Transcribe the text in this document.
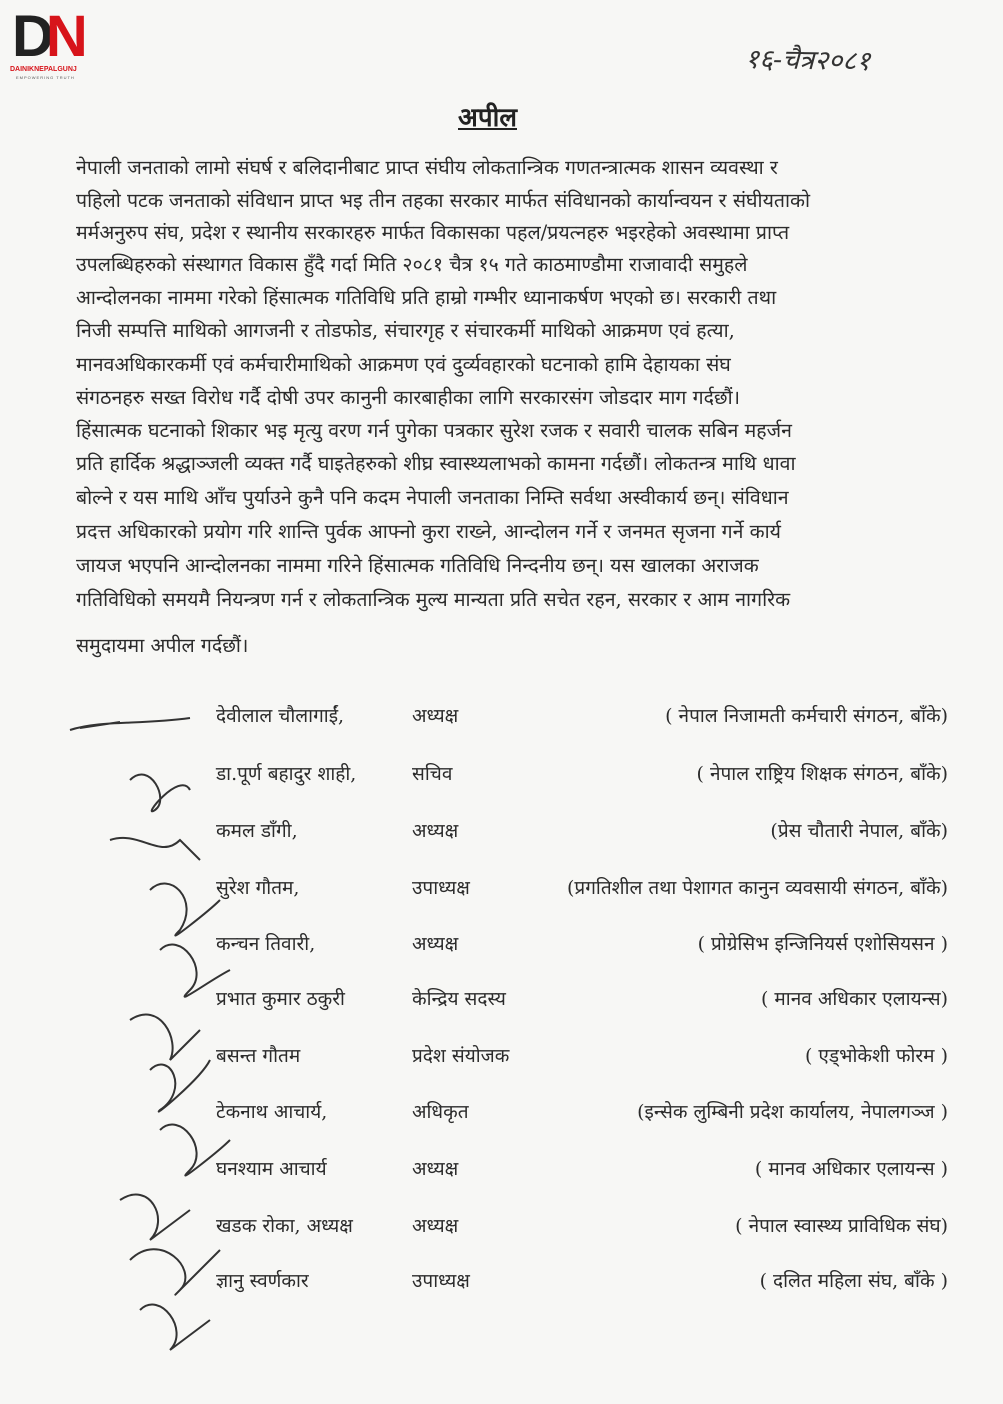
DN
DAINIKNEPALGUNJ
EMPOWERING TRUTH
१६-चैत्र२०८१
अपील
नेपाली जनताको लामो संघर्ष र बलिदानीबाट प्राप्त संघीय लोकतान्त्रिक गणतन्त्रात्मक शासन व्यवस्था र
पहिलो पटक जनताको संविधान प्राप्त भइ तीन तहका सरकार मार्फत संविधानको कार्यान्वयन र संघीयताको
मर्मअनुरुप संघ, प्रदेश र स्थानीय सरकारहरु मार्फत विकासका पहल/प्रयत्नहरु भइरहेको अवस्थामा प्राप्त
उपलब्धिहरुको संस्थागत विकास हुँदै गर्दा मिति २०८१ चैत्र १५ गते काठमाण्डौमा राजावादी समुहले
आन्दोलनका नाममा गरेको हिंसात्मक गतिविधि प्रति हाम्रो गम्भीर ध्यानाकर्षण भएको छ। सरकारी तथा
निजी सम्पत्ति माथिको आगजनी र तोडफोड, संचारगृह र संचारकर्मी माथिको आक्रमण एवं हत्या,
मानवअधिकारकर्मी एवं कर्मचारीमाथिको आक्रमण एवं दुर्व्यवहारको घटनाको हामि देहायका संघ
संगठनहरु सख्त विरोध गर्दै दोषी उपर कानुनी कारबाहीका लागि सरकारसंग जोडदार माग गर्दछौं।
हिंसात्मक घटनाको शिकार भइ मृत्यु वरण गर्न पुगेका पत्रकार सुरेश रजक र सवारी चालक सबिन महर्जन
प्रति हार्दिक श्रद्धाञ्जली व्यक्त गर्दै घाइतेहरुको शीघ्र स्वास्थ्यलाभको कामना गर्दछौं। लोकतन्त्र माथि धावा
बोल्ने र यस माथि आँच पुर्याउने कुनै पनि कदम नेपाली जनताका निम्ति सर्वथा अस्वीकार्य छन्। संविधान
प्रदत्त अधिकारको प्रयोग गरि शान्ति पुर्वक आफ्नो कुरा राख्ने, आन्दोलन गर्ने र जनमत सृजना गर्ने कार्य
जायज भएपनि आन्दोलनका नाममा गरिने हिंसात्मक गतिविधि निन्दनीय छन्। यस खालका अराजक
गतिविधिको समयमै नियन्त्रण गर्न र लोकतान्त्रिक मुल्य मान्यता प्रति सचेत रहन, सरकार र आम नागरिक
समुदायमा अपील गर्दछौं।
देवीलाल चौलागाईं,	अध्यक्ष	( नेपाल निजामती कर्मचारी संगठन, बाँके)
डा.पूर्ण बहादुर शाही,	सचिव	( नेपाल राष्ट्रिय शिक्षक संगठन, बाँके)
कमल डाँगी,	अध्यक्ष	(प्रेस चौतारी नेपाल, बाँके)
सुरेश गौतम,	उपाध्यक्ष	(प्रगतिशील तथा पेशागत कानुन व्यवसायी संगठन, बाँके)
कन्चन तिवारी,	अध्यक्ष	( प्रोग्रेसिभ इन्जिनियर्स एशोसियसन )
प्रभात कुमार ठकुरी	केन्द्रिय सदस्य	( मानव अधिकार एलायन्स)
बसन्त गौतम	प्रदेश संयोजक	( एड्भोकेशी फोरम )
टेकनाथ आचार्य,	अधिकृत	(इन्सेक लुम्बिनी प्रदेश कार्यालय, नेपालगञ्ज )
घनश्याम आचार्य	अध्यक्ष	( मानव अधिकार एलायन्स )
खडक रोका, अध्यक्ष	अध्यक्ष	( नेपाल स्वास्थ्य प्राविधिक संघ)
ज्ञानु स्वर्णकार	उपाध्यक्ष	( दलित महिला संघ, बाँके )
